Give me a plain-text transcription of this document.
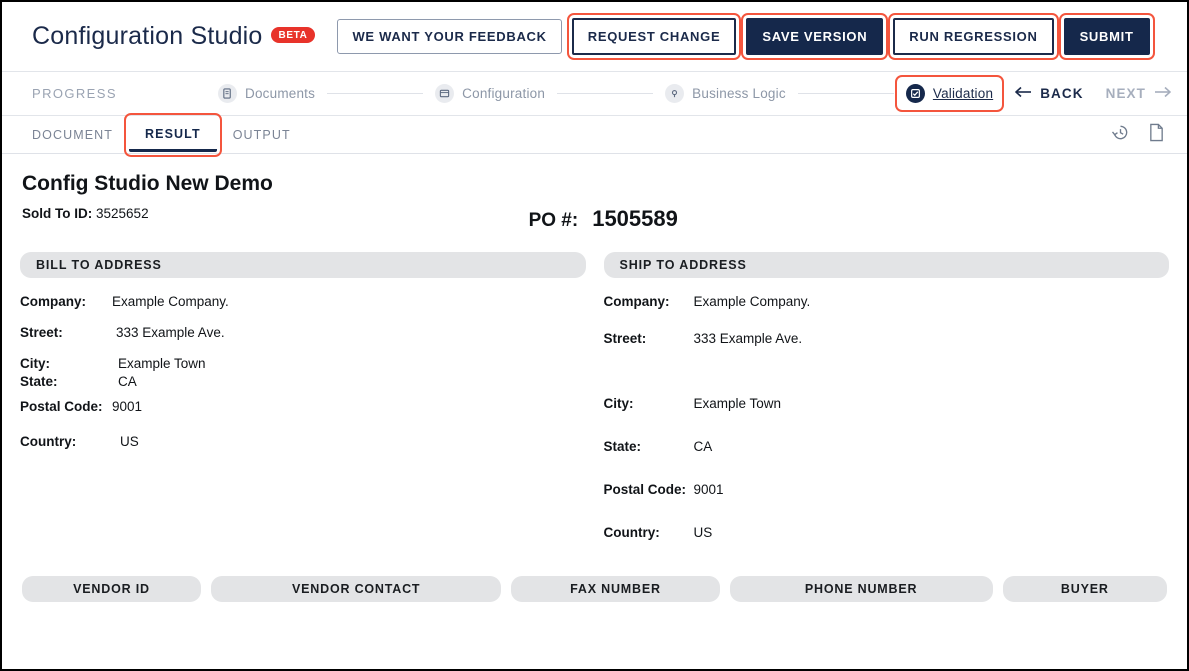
Configuration Studio BETA	WE WANT YOUR FEEDBACK	REQUEST CHANGE	SAVE VERSION	RUN REGRESSION	SUBMIT
PROGRESS	Documents	Configuration	Business Logic	Validation	BACK NEXT
DOCUMENT	RESULT	OUTPUT
Config Studio New Demo
Sold To ID: 3525652	PO #: 1505589
BILL TO ADDRESS
Company:	Example Company.
Street:	333 Example Ave.
City:	Example Town
State:	CA
Postal Code: 9001
Country:	US
SHIP TO ADDRESS
Company:	Example Company.
Street:	333 Example Ave.
City:	Example Town
State:	CA
Postal Code: 9001
Country:	US
VENDOR ID	VENDOR CONTACT	FAX NUMBER	PHONE NUMBER	BUYER
